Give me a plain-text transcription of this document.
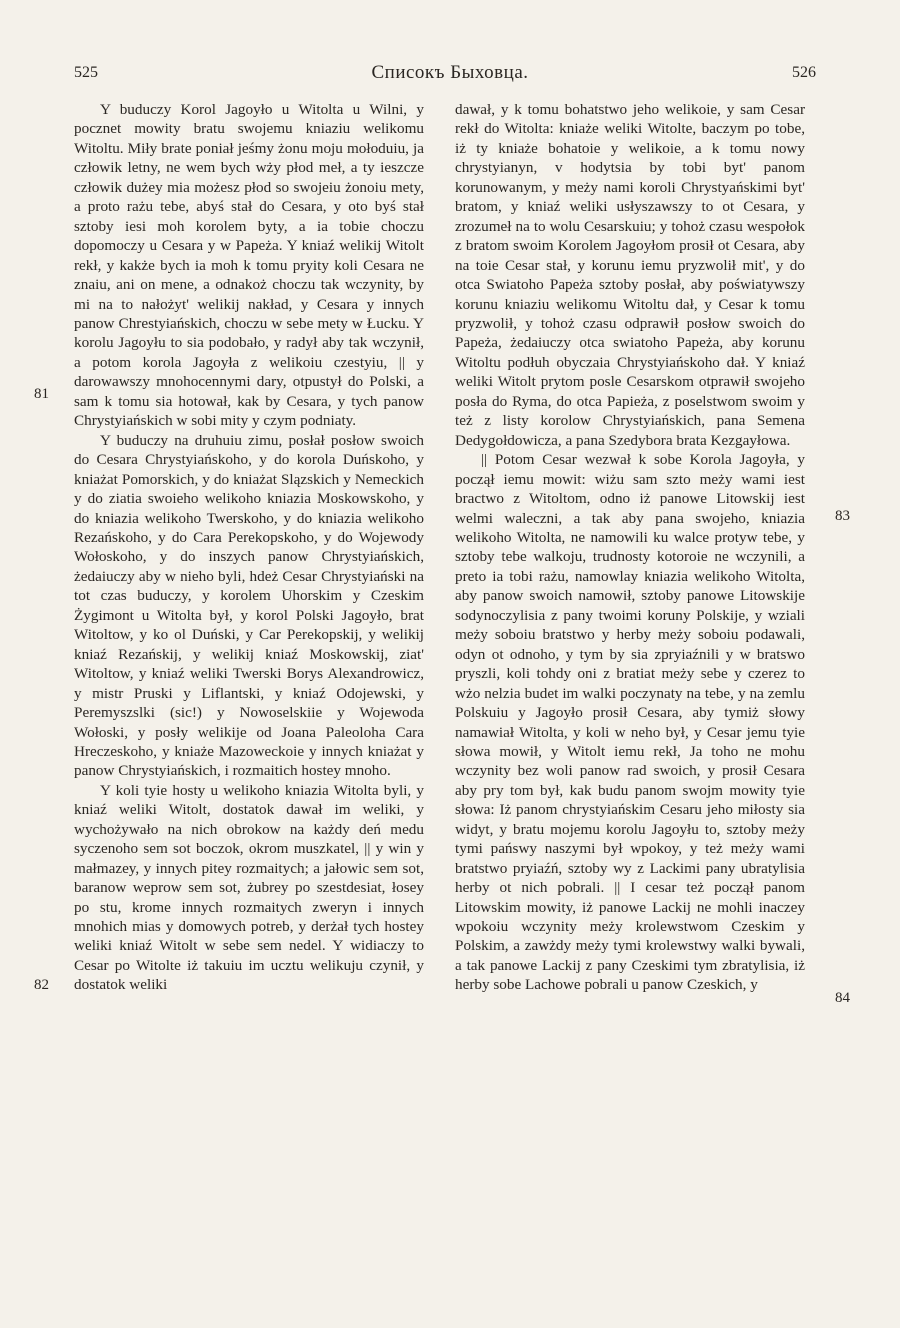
525	Списокъ Быховца.	526
81
82
83
84

Y buduczy Korol Jagoyło u Witolta u Wilni, y pocznet mowity bratu swojemu kniaziu welikomu Witoltu. Miły brate poniał jeśmy żonu moju mołoduiu, ja człowik letny, ne wem bych wży płod meł, a ty ieszcze człowik dużey mia możesz płod so swojeiu żonoiu mety, a proto rażu tebe, abyś stał do Cesara, y oto byś stał sztoby iesi moh korolem byty, a ia tobie choczu dopomoczy u Cesara y w Papeża. Y kniaź welikij Witolt rekł, y kakże bych ia moh k tomu pryity koli Cesara ne znaiu, ani on mene, a odnakoż choczu tak wczynity, by mi na to nałożyt' welikij nakład, y Cesara y innych panow Chrestyiańskich, choczu w sebe mety w Łucku. Y korolu Jagoyłu to sia podobało, y radył aby tak wczynił, a potom korola Jagoyła z welikoiu czestyiu, || y darowawszy mnohocennymi dary, otpustył do Polski, a sam k tomu sia hotował, kak by Cesara, y tych panow Chrystyiańskich w sobi mity y czym podniaty.

Y buduczy na druhuiu zimu, posłał posłow swoich do Cesara Chrystyiańskoho, y do korola Duńskoho, y kniażat Pomorskich, y do kniażat Slązskich y Nemeckich y do ziatia swoieho welikoho kniazia Moskowskoho, y do kniazia welikoho Twerskoho, y do kniazia welikoho Rezańskoho, y do Cara Perekopskoho, y do Wojewody Wołoskoho, y do inszych panow Chrystyiańskich, żedaiuczy aby w nieho byli, hdeż Cesar Chrystyiański na tot czas buduczy, y korolem Uhorskim y Czeskim Żygimont u Witolta był, y korol Polski Jagoyło, brat Witoltow, y ko ol Duński, y Car Perekopskij, y welikij kniaź Rezańskij, y welikij kniaź Moskowskij, ziat' Witoltow, y kniaź weliki Twerski Borys Alexandrowicz, y mistr Pruski y Liflantski, y kniaź Odojewski, y Peremyszslki (sic!) y Nowoselskiie y Wojewoda Wołoski, y posły welikije od Joana Paleoloha Cara Hreczeskoho, y kniaże Mazoweckoie y innych kniażat y panow Chrystyiańskich, i rozmaitich hostey mnoho.

Y koli tyie hosty u welikoho kniazia Witolta byli, y kniaź weliki Witolt, dostatok dawał im weliki, y wychożywało na nich obrokow na każdy deń medu syczenoho sem sot boczok, okrom muszkatel, || y win y małmazey, y innych pitey rozmaitych; a jałowic sem sot, baranow weprow sem sot, żubrey po szestdesiat, łosey po stu, krome innych rozmaitych zweryn i innych mnohich mias y domowych potreb, y derżał tych hostey weliki kniaź Witolt w sebe sem nedel. Y widiaczy to Cesar po Witolte iż takuiu im ucztu welikuju czynił, y dostatok weliki

dawał, y k tomu bohatstwo jeho welikoie, y sam Cesar rekł do Witolta: kniaże weliki Witolte, baczym po tobe, iż ty kniaże bohatoie y welikoie, a k tomu nowy chrystyianyn, v hodytsia by tobi byt' panom korunowanym, y meży nami koroli Chrystyańskimi byt' bratom, y kniaź weliki usłyszawszy to ot Cesara, y zrozumeł na to wolu Cesarskuiu; y tohoż czasu wespołok z bratom swoim Korolem Jagoyłom prosił ot Cesara, aby na toie Cesar stał, y korunu iemu pryzwolił mit', y do otca Swiatoho Papeża sztoby posłał, aby poświatywszy korunu kniaziu welikomu Witoltu dał, y Cesar k tomu pryzwolił, y tohoż czasu odprawił posłow swoich do Papeża, żedaiuczy otca swiatoho Papeża, aby korunu Witoltu podłuh obyczaia Chrystyiańskoho dał. Y kniaź weliki Witolt prytom posle Cesarskom otprawił swojeho posła do Ryma, do otca Papieża, z poselstwom swoim y też z listy korolow Chrystyiańskich, pana Semena Dedygołdowicza, a pana Szedybora brata Kezgayłowa.

|| Potom Cesar wezwał k sobe Korola Jagoyła, y począł iemu mowit: wiżu sam szto meży wami iest bractwo z Witoltom, odno iż panowe Litowskij iest welmi waleczni, a tak aby pana swojeho, kniazia welikoho Witolta, ne namowili ku walce protyw tebe, y sztoby tebe walkoju, trudnosty kotoroie ne wczynili, a preto ia tobi rażu, namowlay kniazia welikoho Witolta, aby panow swoich namowił, sztoby panowe Litowskije sodynoczylisia z pany twoimi koruny Polskije, y wziali meży soboiu bratstwo y herby meży soboiu podawali, odyn ot odnoho, y tym by sia zpryiaźnili y w bratswo pryszli, koli tohdy oni z bratiat meży sebe y czerez to wżo nelzia budet im walki poczynaty na tebe, y na zemlu Polskuiu y Jagoyło prosił Cesara, aby tymiż słowy namawiał Witolta, y koli w neho był, y Cesar jemu tyie słowa mowił, y Witolt iemu rekł, Ja toho ne mohu wczynity bez woli panow rad swoich, y prosił Cesara aby pry tom był, kak budu panom swojm mowity tyie słowa: Iż panom chrystyiańskim Cesaru jeho miłosty sia widyt, y bratu mojemu korolu Jagoyłu to, sztoby meży tymi pańswy naszymi był wpokoy, y też meży wami bratstwo pryiaźń, sztoby wy z Lackimi pany ubratylisia herby ot nich pobrali. || I cesar też począł panom Litowskim mowity, iż panowe Lackij ne mohli inaczey wpokoiu wczynity meży krolewstwom Czeskim y Polskim, a zawżdy meży tymi krolewstwy walki bywali, a tak panowe Lackij z pany Czeskimi tym zbratylisia, iż herby sobe Lachowe pobrali u panow Czeskich, y
